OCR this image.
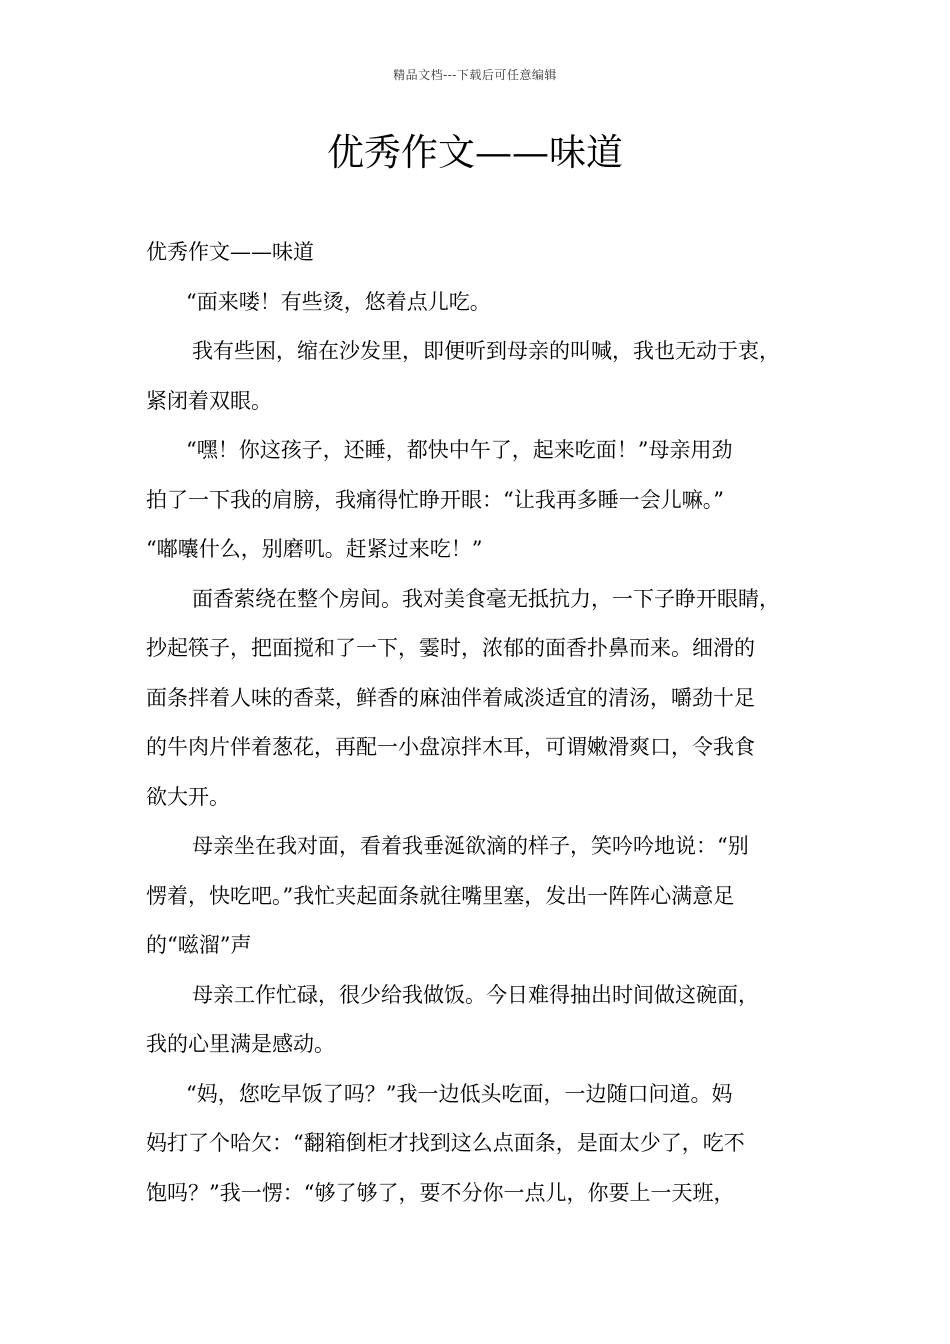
精品文档---下载后可任意编辑
优秀作文——味道
优秀作文——味道
“面来喽！有些烫，悠着点儿吃。
我有些困，缩在沙发里，即便听到母亲的叫喊，我也无动于衷，
紧闭着双眼。
“嘿！你这孩子，还睡，都快中午了，起来吃面！”母亲用劲
拍了一下我的肩膀，我痛得忙睁开眼：“让我再多睡一会儿嘛。”
“嘟囔什么，别磨叽。赶紧过来吃！”
面香萦绕在整个房间。我对美食毫无抵抗力，一下子睁开眼睛，
抄起筷子，把面搅和了一下，霎时，浓郁的面香扑鼻而来。细滑的
面条拌着人味的香菜，鲜香的麻油伴着咸淡适宜的清汤，嚼劲十足
的牛肉片伴着葱花，再配一小盘凉拌木耳，可谓嫩滑爽口，令我食
欲大开。
母亲坐在我对面，看着我垂涎欲滴的样子，笑吟吟地说：“别
愣着，快吃吧。”我忙夹起面条就往嘴里塞，发出一阵阵心满意足
的“嗞溜”声
母亲工作忙碌，很少给我做饭。今日难得抽出时间做这碗面，
我的心里满是感动。
“妈，您吃早饭了吗？”我一边低头吃面，一边随口问道。妈
妈打了个哈欠：“翻箱倒柜才找到这么点面条，是面太少了，吃不
饱吗？”我一愣：“够了够了，要不分你一点儿，你要上一天班，
